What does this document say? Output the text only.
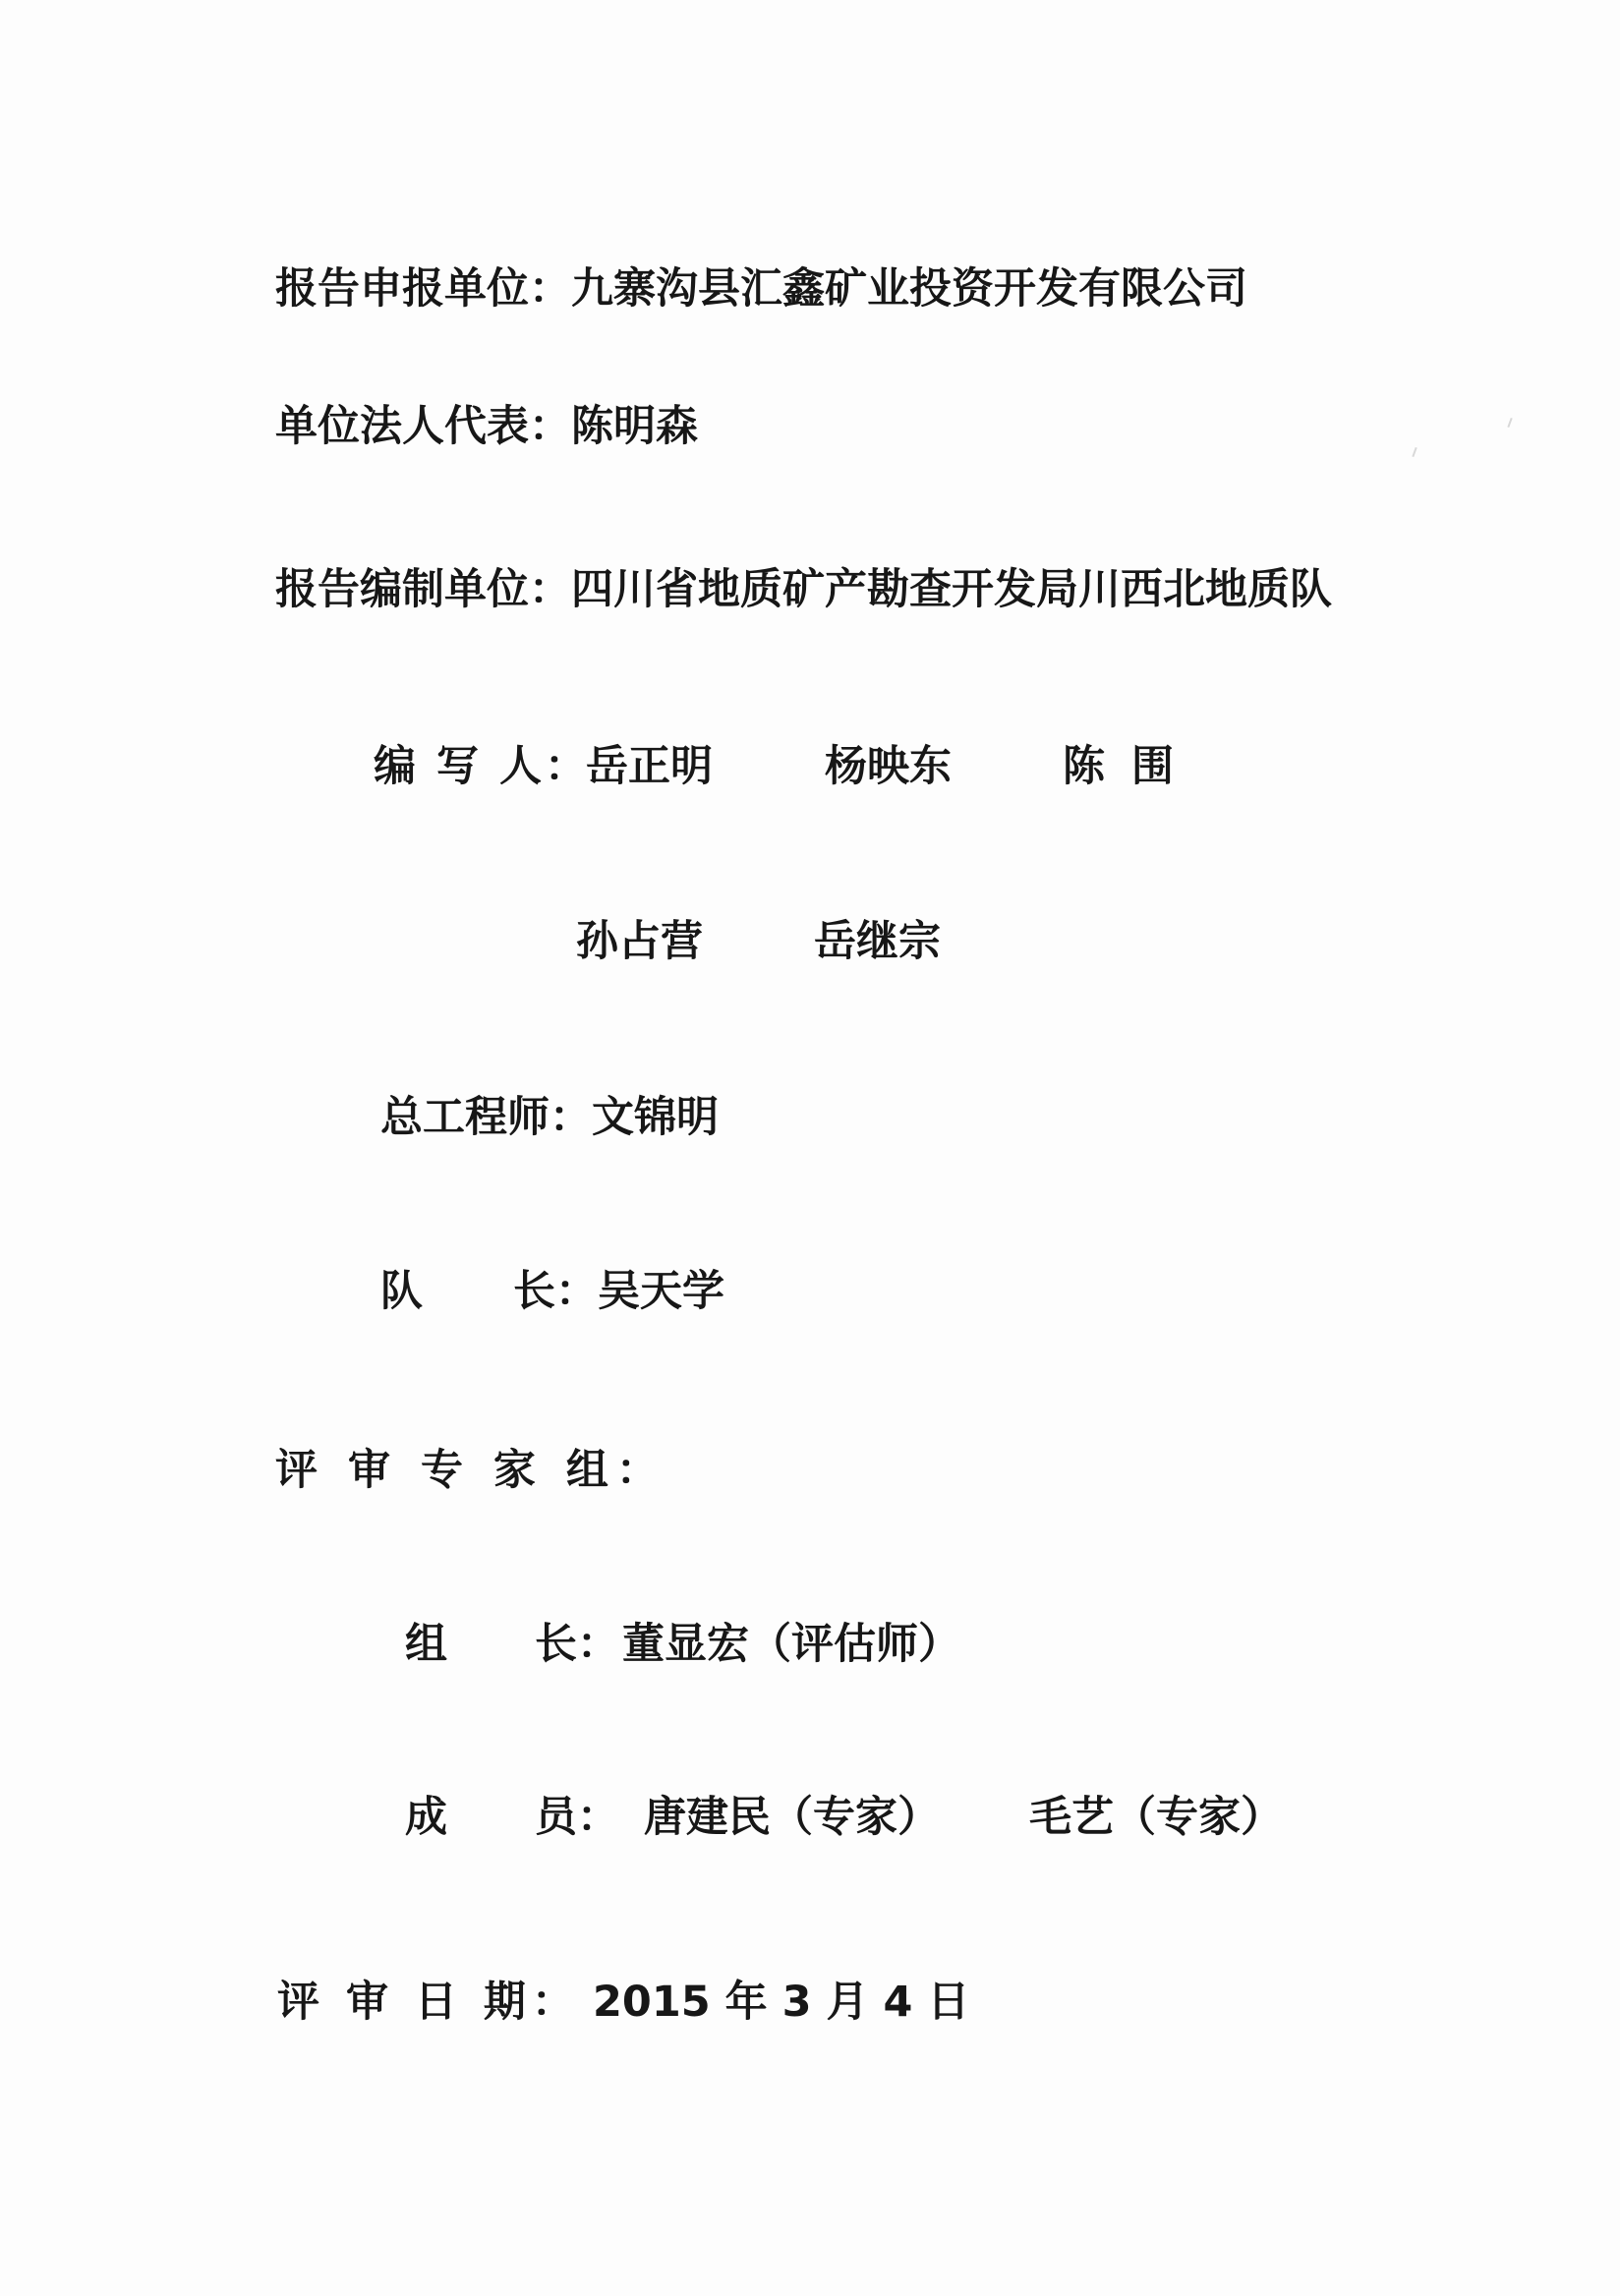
报告申报单位：九寨沟县汇鑫矿业投资开发有限公司
单位法人代表：陈明森
报告编制单位：四川省地质矿产勘查开发局川西北地质队
编 写 人：
岳正明	杨映东	陈 围
孙占营	岳继宗
总工程师：文锦明
队 长： 吴天学
评 审 专 家 组：
组 长： 董显宏（评估师）
成 员： 唐建民（专家） 毛艺（专家）
评 审 日 期： 2015 年 3 月 4 日
